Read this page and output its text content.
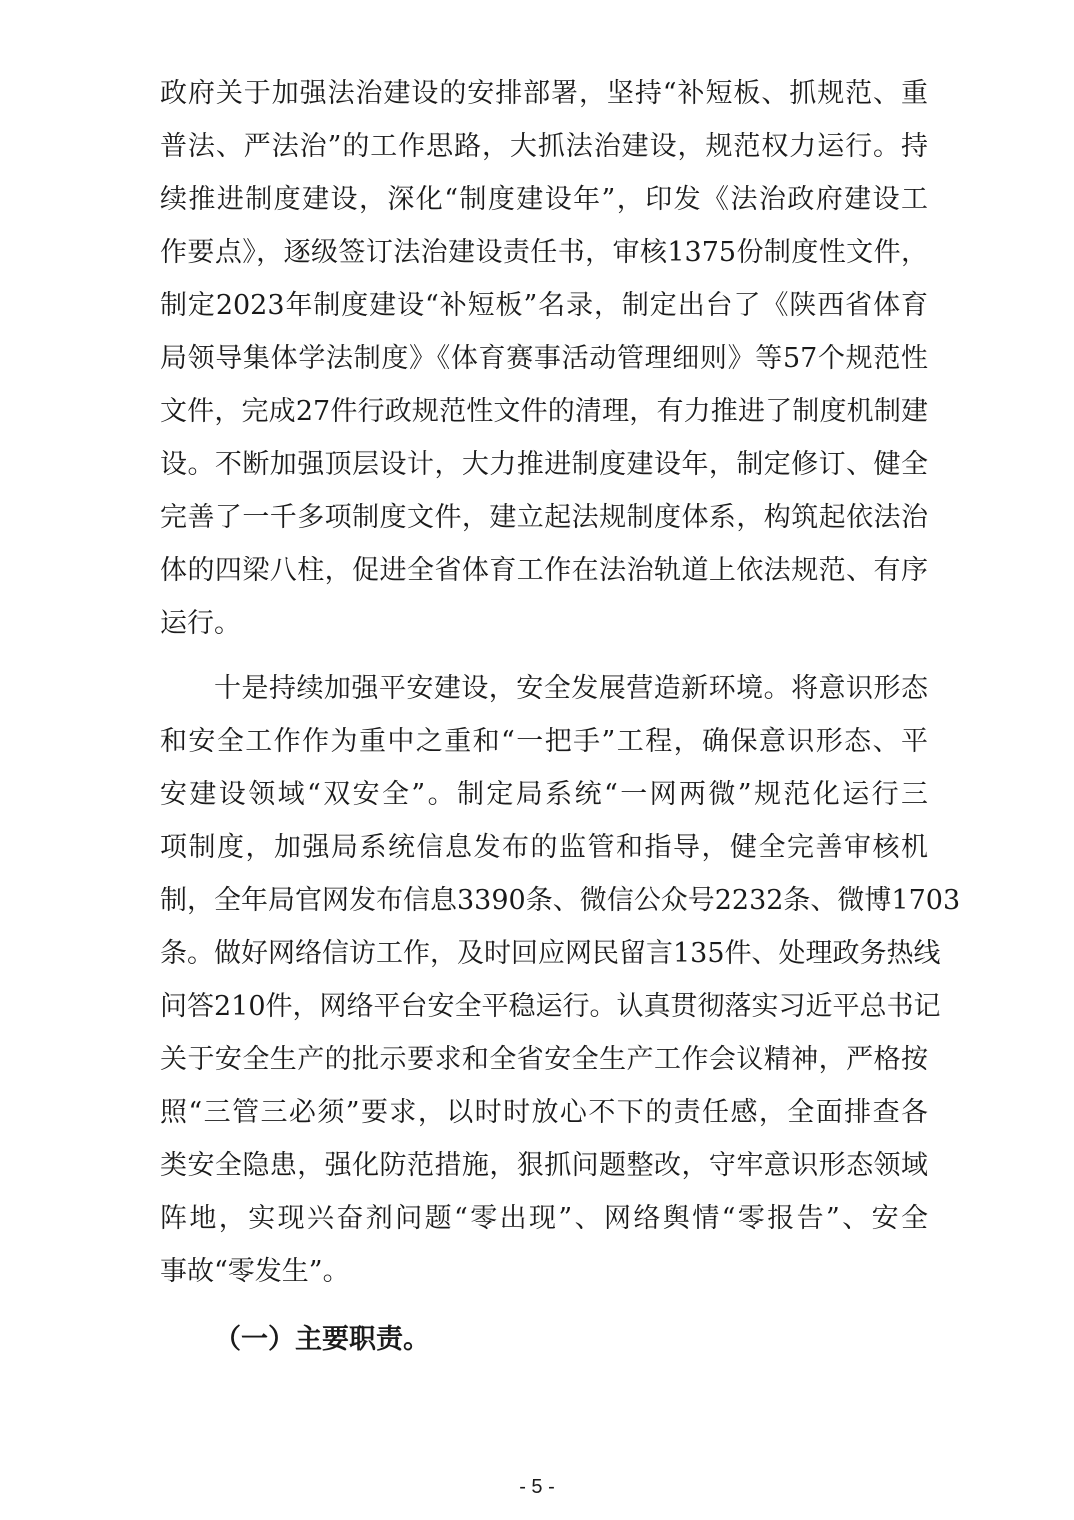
政府关于加强法治建设的安排部署，坚持“补短板、抓规范、重
普法、严法治”的工作思路，大抓法治建设，规范权力运行。持
续推进制度建设，深化“制度建设年”，印发《法治政府建设工
作要点》，逐级签订法治建设责任书，审核1375份制度性文件，
制定2023年制度建设“补短板”名录，制定出台了《陕西省体育
局领导集体学法制度》《体育赛事活动管理细则》等57个规范性
文件，完成27件行政规范性文件的清理，有力推进了制度机制建
设。不断加强顶层设计，大力推进制度建设年，制定修订、健全
完善了一千多项制度文件，建立起法规制度体系，构筑起依法治
体的四梁八柱，促进全省体育工作在法治轨道上依法规范、有序
运行。
十是持续加强平安建设，安全发展营造新环境。将意识形态
和安全工作作为重中之重和“一把手”工程，确保意识形态、平
安建设领域“双安全”。制定局系统“一网两微”规范化运行三
项制度，加强局系统信息发布的监管和指导，健全完善审核机
制，全年局官网发布信息3390条、微信公众号2232条、微博1703
条。做好网络信访工作，及时回应网民留言135件、处理政务热线
问答210件，网络平台安全平稳运行。认真贯彻落实习近平总书记
关于安全生产的批示要求和全省安全生产工作会议精神，严格按
照“三管三必须”要求，以时时放心不下的责任感，全面排查各
类安全隐患，强化防范措施，狠抓问题整改，守牢意识形态领域
阵地，实现兴奋剂问题“零出现”、网络舆情“零报告”、安全
事故“零发生”。
（一）主要职责。
- 5 -
